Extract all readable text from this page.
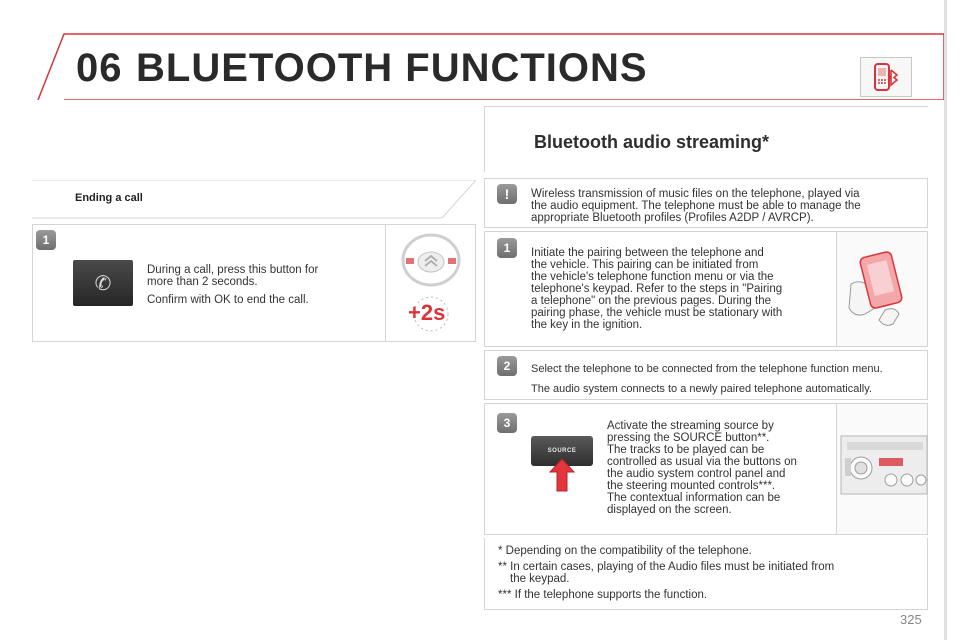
06 BLUETOOTH FUNCTIONS
Ending a call
1
✆
During a call, press this button for
more than 2 seconds.
Confirm with OK to end the call.	+2s
Bluetooth audio streaming*
!	Wireless transmission of music files on the telephone, played via
the audio equipment. The telephone must be able to manage the
appropriate Bluetooth profiles (Profiles A2DP / AVRCP).
1	Initiate the pairing between the telephone and
the vehicle. This pairing can be initiated from
the vehicle's telephone function menu or via the
telephone's keypad. Refer to the steps in "Pairing
a telephone" on the previous pages. During the
pairing phase, the vehicle must be stationary with
the key in the ignition.
2	Select the telephone to be connected from the telephone function menu.
The audio system connects to a newly paired telephone automatically.
3
SOURCE
Activate the streaming source by
pressing the SOURCE button**.
The tracks to be played can be
controlled as usual via the buttons on
the audio system control panel and
the steering mounted controls***.
The contextual information can be
displayed on the screen.

* Depending on the compatibility of the telephone.

** In certain cases, playing of the Audio files must be initiated from

the keypad.

*** If the telephone supports the function.

325
